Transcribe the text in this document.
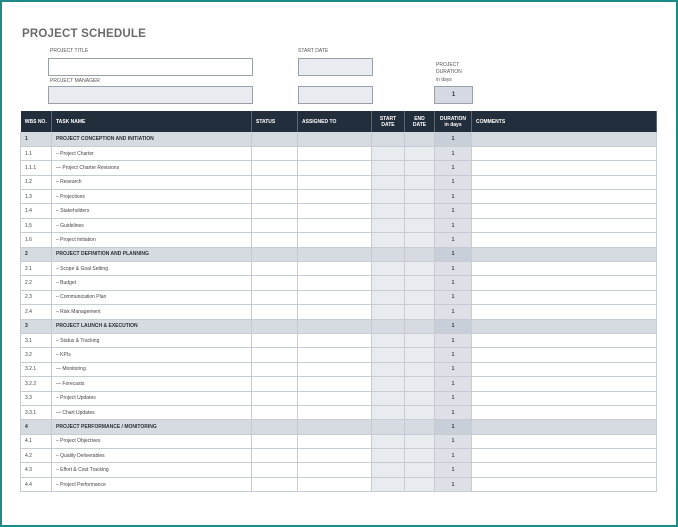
PROJECT SCHEDULE
PROJECT TITLE
PROJECT MANAGER
START DATE
PROJECT
DURATION
in days
1
WBS NO.	TASK NAME	STATUS	ASSIGNED TO	START DATE	END DATE	DURATION in days	COMMENTS
1	PROJECT CONCEPTION AND INITIATION					1	
1.1	– Project Charter					1	
1.1.1	— Project Charter Revisions					1	
1.2	– Research					1	
1.3	– Projections					1	
1.4	– Stakeholders					1	
1.5	– Guidelines					1	
1.6	– Project Initiation					1	
2	PROJECT DEFINITION AND PLANNING					1	
2.1	– Scope & Goal Setting					1	
2.2	– Budget					1	
2.3	– Communication Plan					1	
2.4	– Risk Management					1	
3	PROJECT LAUNCH & EXECUTION					1	
3.1	– Status & Tracking					1	
3.2	– KPIs					1	
3.2.1	— Monitoring					1	
3.2.2	— Forecasts					1	
3.3	– Project Updates					1	
3.3.1	— Chart Updates					1	
4	PROJECT PERFORMANCE / MONITORING					1	
4.1	– Project Objectives					1	
4.2	– Quality Deliverables					1	
4.3	– Effort & Cost Tracking					1	
4.4	– Project Performance					1	
